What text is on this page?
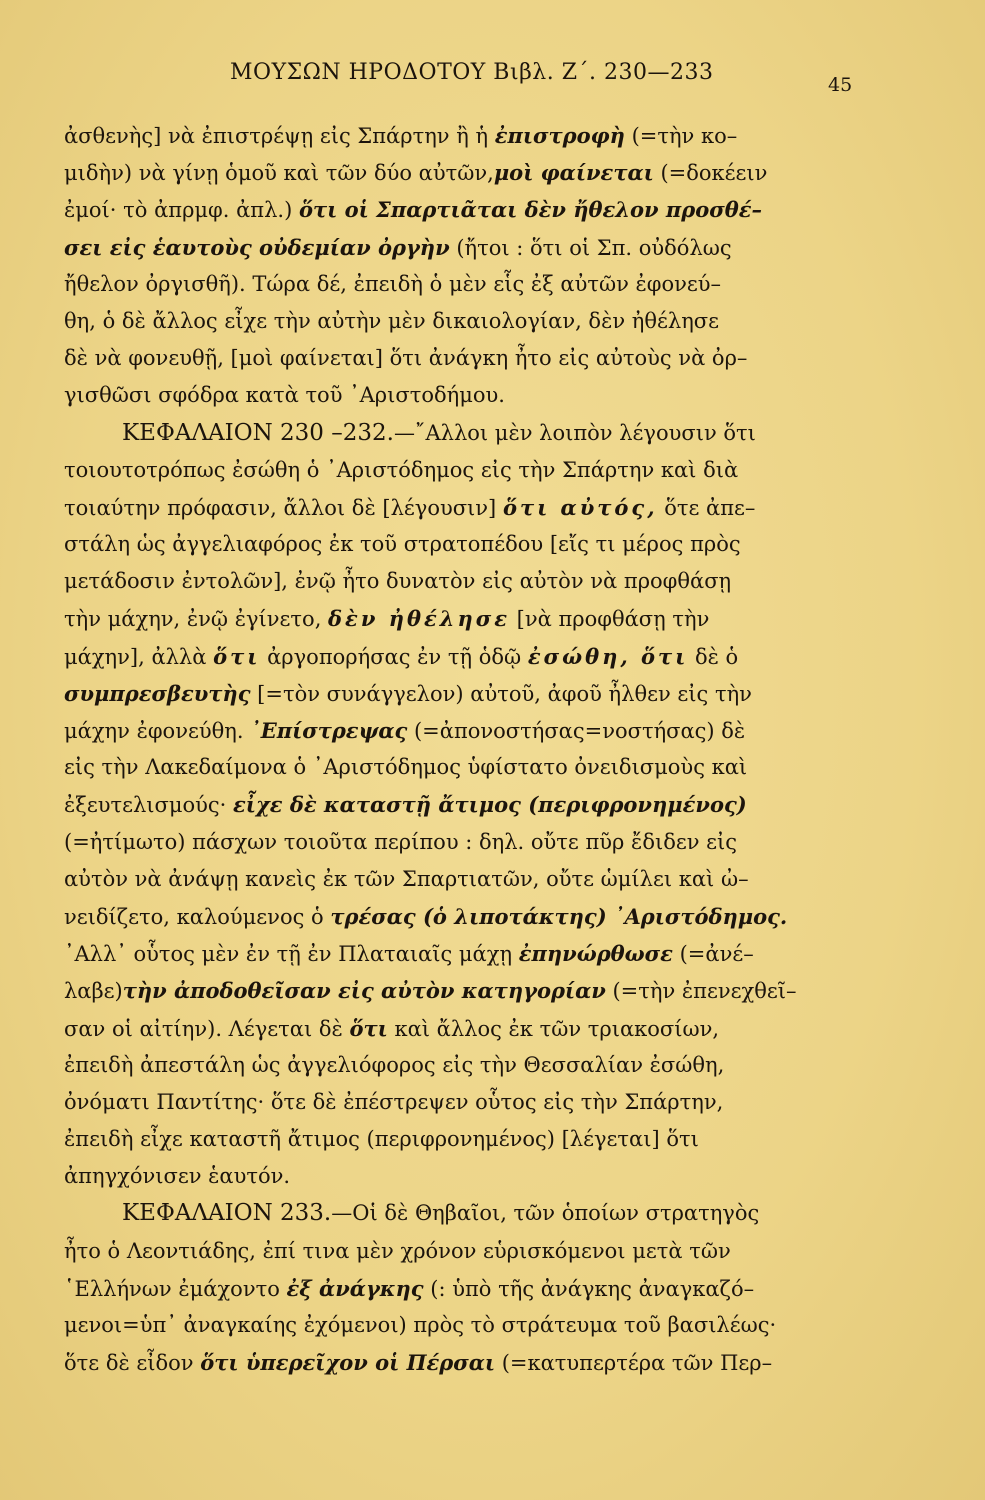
ΜΟΥΣΩΝ ΗΡΟΔΟΤΟΥ Βιβλ. Ζ΄. 230—233	45
ἀσθενὴς] νὰ ἐπιστρέψῃ εἰς Σπάρτην ἢ ἡ ἐπιστροφὴ (=τὴν κο–
μιδὴν) νὰ γίνῃ ὁμοῦ καὶ τῶν δύο αὐτῶν,μοὶ φαίνεται (=δοκέειν
ἐμοί· τὸ ἀπρμφ. ἀπλ.) ὅτι οἱ Σπαρτιᾶται δὲν ἤθελον προσθέ–
σει εἰς ἑαυτοὺς οὐδεμίαν ὀργὴν (ἤτοι : ὅτι οἱ Σπ. οὐδόλως
ἤθελον ὀργισθῆ). Τώρα δέ, ἐπειδὴ ὁ μὲν εἷς ἐξ αὐτῶν ἐφονεύ–
θη, ὁ δὲ ἄλλος εἶχε τὴν αὐτὴν μὲν δικαιολογίαν, δὲν ἠθέλησε
δὲ νὰ φονευθῇ, [μοὶ φαίνεται] ὅτι ἀνάγκη ἦτο εἰς αὐτοὺς νὰ ὀρ–
γισθῶσι σφόδρα κατὰ τοῦ ᾿Αριστοδήμου.
ΚΕΦΑΛΑΙΟΝ 230 –232.—῎Αλλοι μὲν λοιπὸν λέγουσιν ὅτι
τοιουτοτρόπως ἐσώθη ὁ ᾿Αριστόδημος εἰς τὴν Σπάρτην καὶ διὰ
τοιαύτην πρόφασιν, ἄλλοι δὲ [λέγουσιν] ὅτι αὐτός, ὅτε ἀπε–
στάλη ὡς ἀγγελιαφόρος ἐκ τοῦ στρατοπέδου [εἴς τι μέρος πρὸς
μετάδοσιν ἐντολῶν], ἐνῷ ἦτο δυνατὸν εἰς αὐτὸν νὰ προφθάσῃ
τὴν μάχην, ἐνῷ ἐγίνετο, δὲν ἠθέλησε [νὰ προφθάσῃ τὴν
μάχην], ἀλλὰ ὅτι ἀργοπορήσας ἐν τῇ ὁδῷ ἐσώθη, ὅτι δὲ ὁ
συμπρεσβευτὴς [=τὸν συνάγγελον) αὐτοῦ, ἀφοῦ ἦλθεν εἰς τὴν
μάχην ἐφονεύθη. ᾿Επίστρεψας (=ἀπονοστήσας=νοστήσας) δὲ
εἰς τὴν Λακεδαίμονα ὁ ᾿Αριστόδημος ὑφίστατο ὀνειδισμοὺς καὶ
ἐξευτελισμούς· εἶχε δὲ καταστῇ ἄτιμος (περιφρονημένος)
(=ἠτίμωτο) πάσχων τοιοῦτα περίπου : δηλ. οὔτε πῦρ ἔδιδεν εἰς
αὐτὸν νὰ ἀνάψῃ κανεὶς ἐκ τῶν Σπαρτιατῶν, οὔτε ὡμίλει καὶ ὠ–
νειδίζετο, καλούμενος ὁ τρέσας (ὁ λιποτάκτης) ᾿Αριστόδημος.
᾿Αλλ᾿ οὗτος μὲν ἐν τῇ ἐν Πλαταιαῖς μάχῃ ἐπηνώρθωσε (=ἀνέ–
λαβε)τὴν ἀποδοθεῖσαν εἰς αὐτὸν κατηγορίαν (=τὴν ἐπενεχθεῖ–
σαν οἱ αἰτίην). Λέγεται δὲ ὅτι καὶ ἄλλος ἐκ τῶν τριακοσίων,
ἐπειδὴ ἀπεστάλη ὡς ἀγγελιόφορος εἰς τὴν Θεσσαλίαν ἐσώθη,
ὀνόματι Παντίτης· ὅτε δὲ ἐπέστρεψεν οὗτος εἰς τὴν Σπάρτην,
ἐπειδὴ εἶχε καταστῆ ἄτιμος (περιφρονημένος) [λέγεται] ὅτι
ἀπηγχόνισεν ἑαυτόν.
ΚΕΦΑΛΑΙΟΝ 233.—Οἱ δὲ Θηβαῖοι, τῶν ὁποίων στρατηγὸς
ἦτο ὁ Λεοντιάδης, ἐπί τινα μὲν χρόνον εὑρισκόμενοι μετὰ τῶν
῾Ελλήνων ἐμάχοντο ἐξ ἀνάγκης (: ὑπὸ τῆς ἀνάγκης ἀναγκαζό–
μενοι=ὑπ᾿ ἀναγκαίης ἐχόμενοι) πρὸς τὸ στράτευμα τοῦ βασιλέως·
ὅτε δὲ εἶδον ὅτι ὑπερεῖχον οἱ Πέρσαι (=κατυπερτέρα τῶν Περ–
